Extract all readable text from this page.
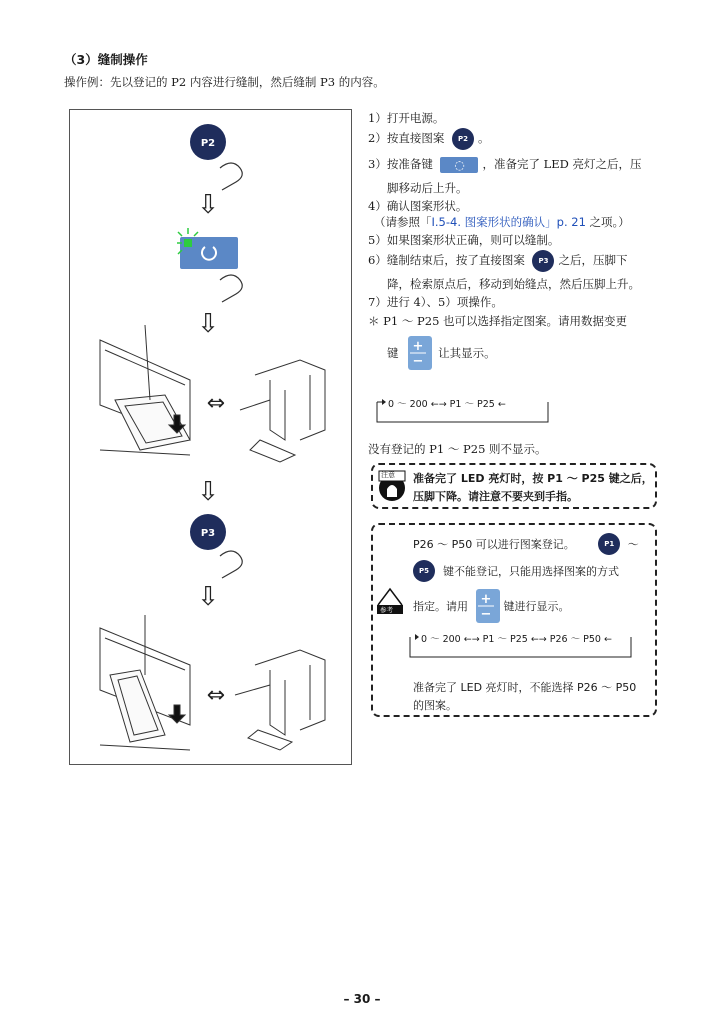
（3）缝制操作
操作例：先以登记的 P2 内容进行缝制，然后缝制 P3 的内容。
P2
⇩
⇩
⇔
⇩
P3
⇩
⇔
1）打开电源。
2）按直接图案 P2 。
3）按准备键 ◌ ，准备完了 LED 亮灯之后，压
脚移动后上升。
4）确认图案形状。
（请参照「I.5-4. 图案形状的确认」p. 21 之项。）
5）如果图案形状正确，则可以缝制。
6）缝制结束后，按了直接图案 P3 之后，压脚下
降，检索原点后，移动到始缝点，然后压脚上升。
7）进行 4）、5）项操作。
＊ P1 ～ P25 也可以选择指定图案。请用数据变更
键 +
−
让其显示。
0 ～ 200 ←→ P1 ～ P25 ←
没有登记的 P1 ～ P25 则不显示。
注意 准备完了 LED 亮灯时，按 P1 ～ P25 键之后，
压脚下降。请注意不要夹到手指。
P26 ～ P50 可以进行图案登记。	P1 ～
P5 键不能登记，只能用选择图案的方式
参考 指定。请用 +
−
键进行显示。
0 ～ 200 ←→ P1 ～ P25 ←→ P26 ～ P50 ←
准备完了 LED 亮灯时，不能选择 P26 ～ P50
的图案。
– 30 –
